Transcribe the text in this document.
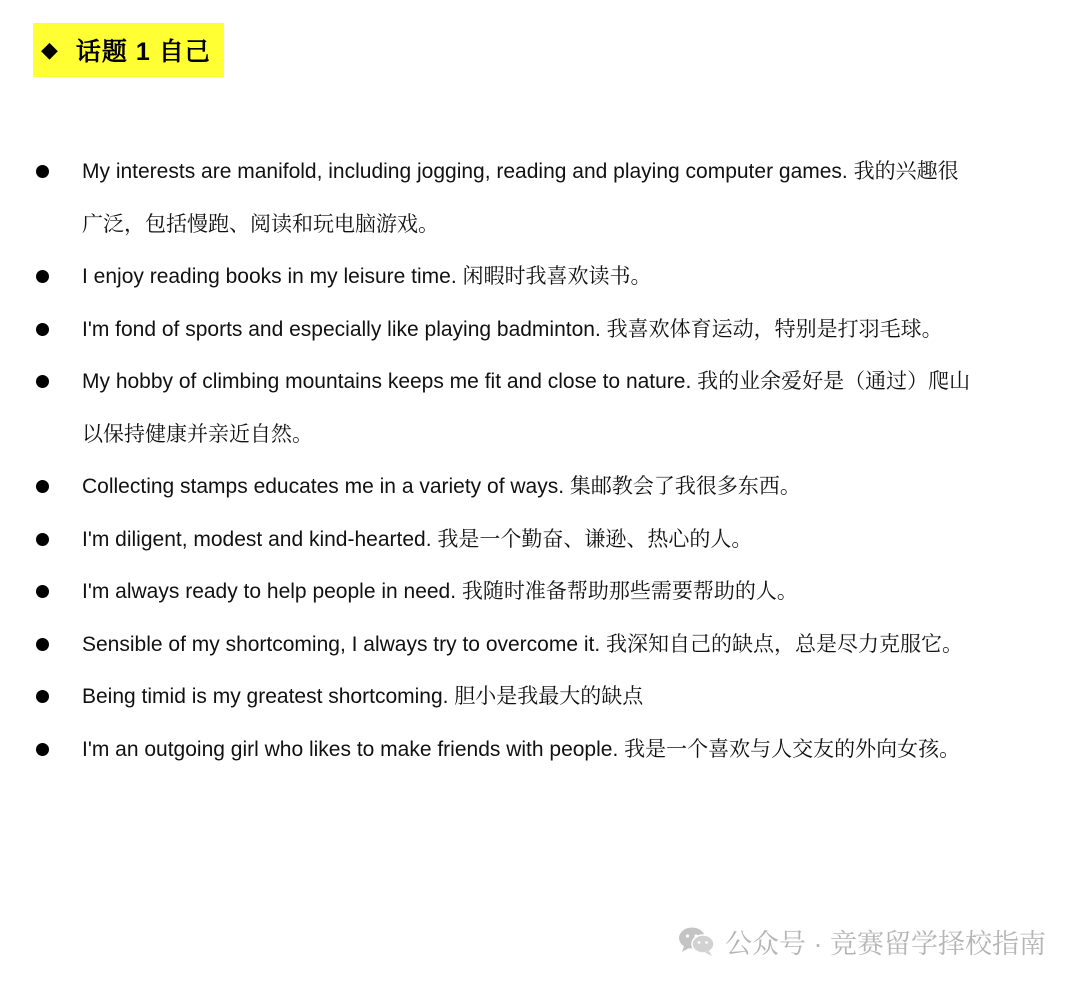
◆ 话题 1 自己
My interests are manifold, including jogging, reading and playing computer games. 我的兴趣很广泛，包括慢跑、阅读和玩电脑游戏。
I enjoy reading books in my leisure time. 闲暇时我喜欢读书。
I'm fond of sports and especially like playing badminton. 我喜欢体育运动，特别是打羽毛球。
My hobby of climbing mountains keeps me fit and close to nature. 我的业余爱好是（通过）爬山以保持健康并亲近自然。
Collecting stamps educates me in a variety of ways. 集邮教会了我很多东西。
I'm diligent, modest and kind-hearted. 我是一个勤奋、谦逊、热心的人。
I'm always ready to help people in need. 我随时准备帮助那些需要帮助的人。
Sensible of my shortcoming, I always try to overcome it. 我深知自己的缺点，总是尽力克服它。
Being timid is my greatest shortcoming. 胆小是我最大的缺点
I'm an outgoing girl who likes to make friends with people. 我是一个喜欢与人交友的外向女孩。
公众号 · 竞赛留学择校指南
